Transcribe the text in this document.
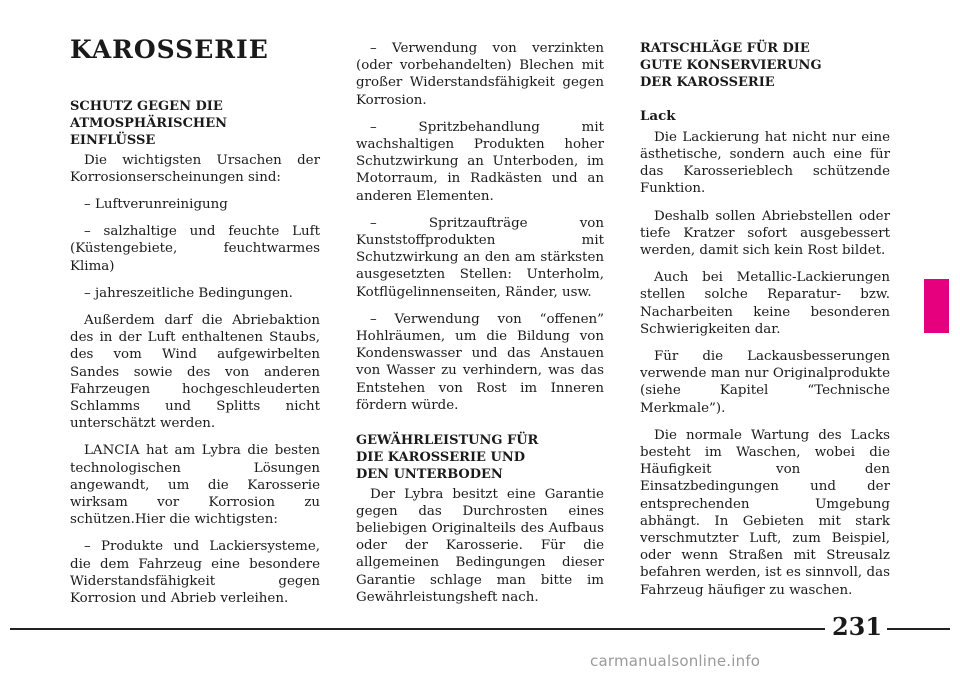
KAROSSERIE
SCHUTZ GEGEN DIE
ATMOSPHÄRISCHEN
EINFLÜSSE

Die wichtigsten Ursachen der Korrosionserscheinungen sind:

– Luftverunreinigung

– salzhaltige und feuchte Luft (Küstengebiete, feuchtwarmes Klima)

– jahreszeitliche Bedingungen.

Außerdem darf die Abriebaktion des in der Luft enthaltenen Staubs, des vom Wind aufgewirbelten Sandes sowie des von anderen Fahrzeugen hochgeschleuderten Schlamms und Splitts nicht unterschätzt werden.

LANCIA hat am Lybra die besten technologischen Lösungen angewandt, um die Karosserie wirksam vor Korrosion zu schützen.Hier die wichtigsten:

– Produkte und Lackiersysteme, die dem Fahrzeug eine besondere Widerstandsfähigkeit gegen Korrosion und Abrieb verleihen.

– Verwendung von verzinkten (oder vorbehandelten) Blechen mit großer Widerstandsfähigkeit gegen Korrosion.

– Spritzbehandlung mit wachshaltigen Produkten hoher Schutzwirkung an Unterboden, im Motorraum, in Radkästen und an anderen Elementen.

– Spritzaufträge von Kunststoffprodukten mit Schutzwirkung an den am stärksten ausgesetzten Stellen: Unterholm, Kotflügelinnenseiten, Ränder, usw.

– Verwendung von “offenen” Hohlräumen, um die Bildung von Kondenswasser und das Anstauen von Wasser zu verhindern, was das Entstehen von Rost im Inneren fördern würde.

GEWÄHRLEISTUNG FÜR
DIE KAROSSERIE UND
DEN UNTERBODEN

Der Lybra besitzt eine Garantie gegen das Durchrosten eines beliebigen Originalteils des Aufbaus oder der Karosserie. Für die allgemeinen Bedingungen dieser Garantie schlage man bitte im Gewährleistungsheft nach.

RATSCHLÄGE FÜR DIE
GUTE KONSERVIERUNG
DER KAROSSERIE
Lack

Die Lackierung hat nicht nur eine ästhetische, sondern auch eine für das Karosserieblech schützende Funktion.

Deshalb sollen Abriebstellen oder tiefe Kratzer sofort ausgebessert werden, damit sich kein Rost bildet.

Auch bei Metallic-Lackierungen stellen solche Reparatur- bzw. Nacharbeiten keine besonderen Schwierigkeiten dar.

Für die Lackausbesserungen verwende man nur Originalprodukte (siehe Kapitel “Technische Merkmale”).

Die normale Wartung des Lacks besteht im Waschen, wobei die Häufigkeit von den Einsatzbedingungen und der entsprechenden Umgebung abhängt. In Gebieten mit stark verschmutzter Luft, zum Beispiel, oder wenn Straßen mit Streusalz befahren werden, ist es sinnvoll, das Fahrzeug häufiger zu waschen.

231
carmanualsonline.info
